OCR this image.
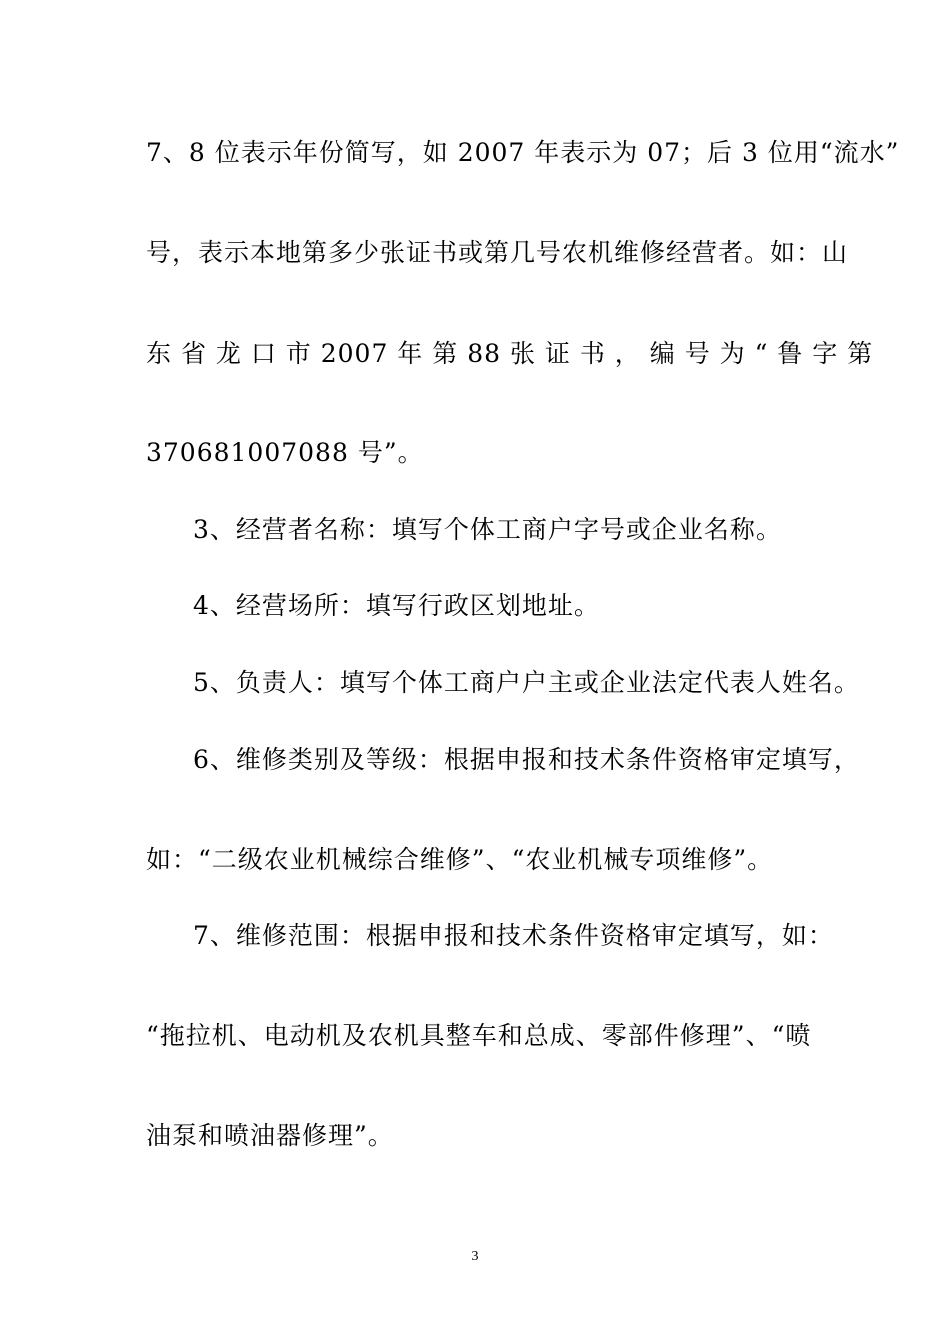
7、8 位表示年份简写，如 2007 年表示为 07；后 3 位用“流水”
号，表示本地第多少张证书或第几号农机维修经营者。如：山
东 省 龙 口 市 2007 年 第 88 张 证 书 ， 编 号 为 “ 鲁 字 第
370681007088 号”。
3、经营者名称：填写个体工商户字号或企业名称。
4、经营场所：填写行政区划地址。
5、负责人：填写个体工商户户主或企业法定代表人姓名。
6、维修类别及等级：根据申报和技术条件资格审定填写，
如：“二级农业机械综合维修”、“农业机械专项维修”。
7、维修范围：根据申报和技术条件资格审定填写，如：
“拖拉机、电动机及农机具整车和总成、零部件修理”、“喷
油泵和喷油器修理”。
3
